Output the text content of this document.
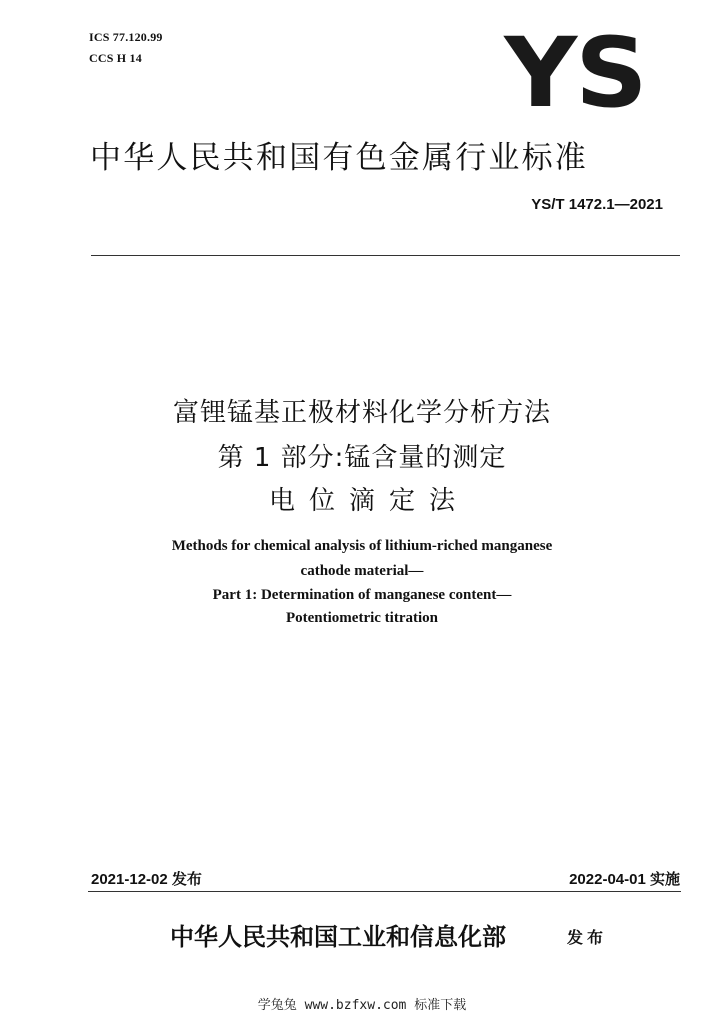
ICS 77.120.99
CCS H 14	YS
中华人民共和国有色金属行业标准
YS/T 1472.1—2021
富锂锰基正极材料化学分析方法
第 1 部分:锰含量的测定
电位滴定法
Methods for chemical analysis of lithium-riched manganese
cathode material—
Part 1: Determination of manganese content—
Potentiometric titration
2021-12-02 发布	2022-04-01 实施
中华人民共和国工业和信息化部	发布
学兔兔 www.bzfxw.com 标准下载
